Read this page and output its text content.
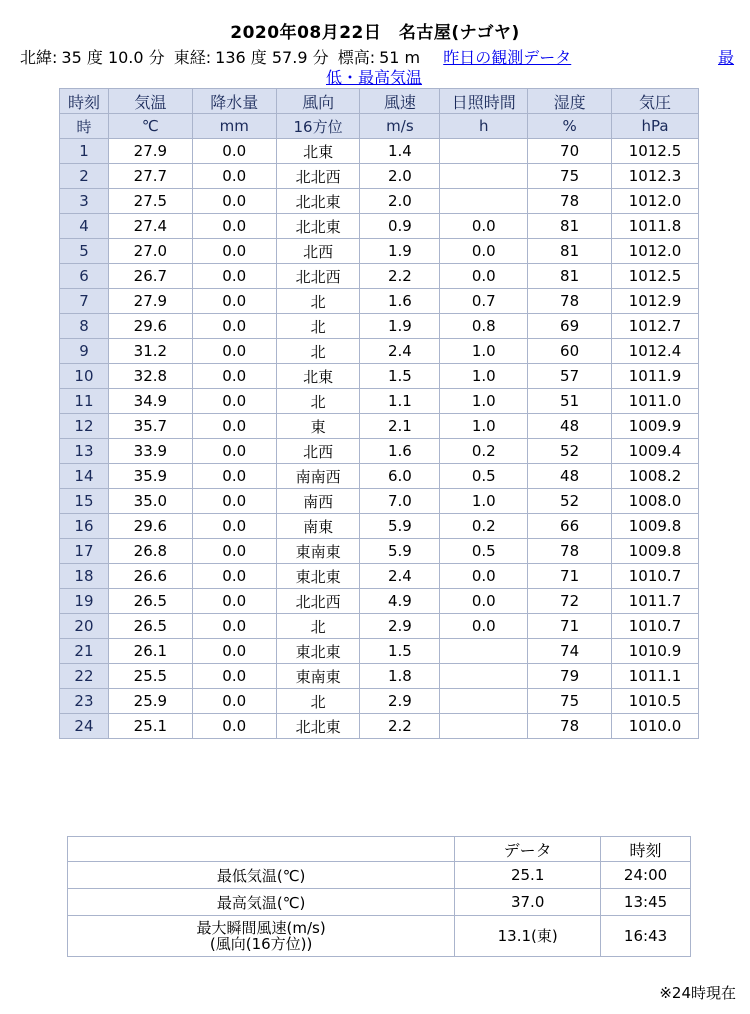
2020年08月22日　名古屋(ナゴヤ)
北緯: 35 度 10.0 分 東経: 136 度 57.9 分 標高: 51 m 昨日の観測データ	最
低・最高気温
時刻	気温	降水量	風向	風速	日照時間	湿度	気圧
時	℃	mm	16方位	m/s	h	%	hPa
1	27.9	0.0	北東	1.4		70	1012.5
2	27.7	0.0	北北西	2.0		75	1012.3
3	27.5	0.0	北北東	2.0		78	1012.0
4	27.4	0.0	北北東	0.9	0.0	81	1011.8
5	27.0	0.0	北西	1.9	0.0	81	1012.0
6	26.7	0.0	北北西	2.2	0.0	81	1012.5
7	27.9	0.0	北	1.6	0.7	78	1012.9
8	29.6	0.0	北	1.9	0.8	69	1012.7
9	31.2	0.0	北	2.4	1.0	60	1012.4
10	32.8	0.0	北東	1.5	1.0	57	1011.9
11	34.9	0.0	北	1.1	1.0	51	1011.0
12	35.7	0.0	東	2.1	1.0	48	1009.9
13	33.9	0.0	北西	1.6	0.2	52	1009.4
14	35.9	0.0	南南西	6.0	0.5	48	1008.2
15	35.0	0.0	南西	7.0	1.0	52	1008.0
16	29.6	0.0	南東	5.9	0.2	66	1009.8
17	26.8	0.0	東南東	5.9	0.5	78	1009.8
18	26.6	0.0	東北東	2.4	0.0	71	1010.7
19	26.5	0.0	北北西	4.9	0.0	72	1011.7
20	26.5	0.0	北	2.9	0.0	71	1010.7
21	26.1	0.0	東北東	1.5		74	1010.9
22	25.5	0.0	東南東	1.8		79	1011.1
23	25.9	0.0	北	2.9		75	1010.5
24	25.1	0.0	北北東	2.2		78	1010.0
	データ	時刻
最低気温(℃)	25.1	24:00
最高気温(℃)	37.0	13:45
最大瞬間風速(m/s)
(風向(16方位))	13.1(東)	16:43
※24時現在
